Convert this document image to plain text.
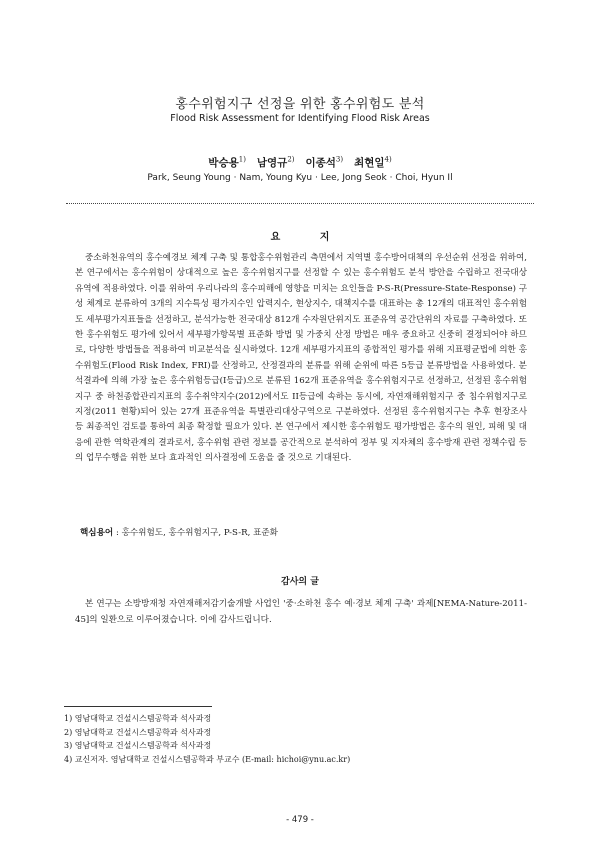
홍수위험지구 선정을 위한 홍수위험도 분석
Flood Risk Assessment for Identifying Flood Risk Areas
박승용$^{1)}$ 남영규$^{2)}$ 이종석$^{3)}$ 최현일$^{4)}$
Park, Seung Young · Nam, Young Kyu · Lee, Jong Seok · Choi, Hyun Il
요 지

중소하천유역의 홍수예경보 체계 구축 및 통합홍수위험관리 측면에서 지역별 홍수방어대책의 우선순위 선정을 위하여, 본 연구에서는 홍수위험이 상대적으로 높은 홍수위험지구를 선정할 수 있는 홍수위험도 분석 방안을 수립하고 전국대상 유역에 적용하였다. 이를 위하여 우리나라의 홍수피해에 영향을 미치는 요인들을 P-S-R(Pressure-State-Response) 구성 체계로 분류하여 3개의 지수특성 평가지수인 압력지수, 현상지수, 대책지수를 대표하는 총 12개의 대표적인 홍수위험도 세부평가지표들을 선정하고, 분석가능한 전국대상 812개 수자원단위지도 표준유역 공간단위의 자료를 구축하였다. 또한 홍수위험도 평가에 있어서 세부평가항목별 표준화 방법 및 가중치 산정 방법은 매우 중요하고 신중히 결정되어야 하므로, 다양한 방법들을 적용하여 비교분석을 실시하였다. 12개 세부평가지표의 종합적인 평가를 위해 지표평균법에 의한 홍수위험도(Flood Risk Index, FRI)를 산정하고, 산정결과의 분류를 위해 순위에 따른 5등급 분류방법을 사용하였다. 분석결과에 의해 가장 높은 홍수위험등급(I등급)으로 분류된 162개 표준유역을 홍수위험지구로 선정하고, 선정된 홍수위험지구 중 하천종합관리지표의 홍수취약지수(2012)에서도 II등급에 속하는 동시에, 자연재해위험지구 중 침수위험지구로 지정(2011 현황)되어 있는 27개 표준유역을 특별관리대상구역으로 구분하였다. 선정된 홍수위험지구는 추후 현장조사 등 최종적인 검토를 통하여 최종 확정할 필요가 있다. 본 연구에서 제시한 홍수위험도 평가방법은 홍수의 원인, 피해 및 대응에 관한 역학관계의 결과로서, 홍수위험 관련 정보를 공간적으로 분석하여 정부 및 지자체의 홍수방재 관련 정책수립 등의 업무수행을 위한 보다 효과적인 의사결정에 도움을 줄 것으로 기대된다.

핵심용어 : 홍수위험도, 홍수위험지구, P-S-R, 표준화
감사의 글

본 연구는 소방방재청 자연재해저감기술개발 사업인 '중·소하천 홍수 예·경보 체계 구축' 과제[NEMA-Nature-2011-45]의 일환으로 이루어졌습니다. 이에 감사드립니다.

1) 영남대학교 건설시스템공학과 석사과정
2) 영남대학교 건설시스템공학과 석사과정
3) 영남대학교 건설시스템공학과 석사과정
4) 교신저자. 영남대학교 건설시스템공학과 부교수 (E-mail: hichoi@ynu.ac.kr)
- 479 -
